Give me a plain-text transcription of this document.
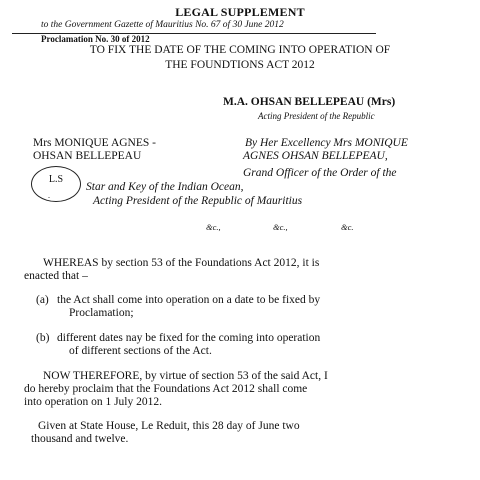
LEGAL SUPPLEMENT
to the Government Gazette of Mauritius No. 67 of 30 June 2012
Proclamation No. 30 of 2012
TO FIX THE DATE OF THE COMING INTO OPERATION OF
THE FOUNDTIONS ACT 2012
M.A. OHSAN BELLEPEAU (Mrs)
Acting President of the Republic
Mrs MONIQUE AGNES -
OHSAN BELLEPEAU
By Her Excellency Mrs MONIQUE
AGNES OHSAN BELLEPEAU,
Grand Officer of the Order of the
Star and Key of the Indian Ocean,
Acting President of the Republic of Mauritius
L.S
.
&c.,	&c.,	&c.
WHEREAS by section 53 of the Foundations Act 2012, it is
enacted that –
(a) the Act shall come into operation on a date to be fixed by
Proclamation;
(b) different dates nay be fixed for the coming into operation
of different sections of the Act.
NOW THEREFORE, by virtue of section 53 of the said Act, I
do hereby proclaim that the Foundations Act 2012 shall come
into operation on 1 July 2012.
Given at State House, Le Reduit, this 28 day of June two
thousand and twelve.
